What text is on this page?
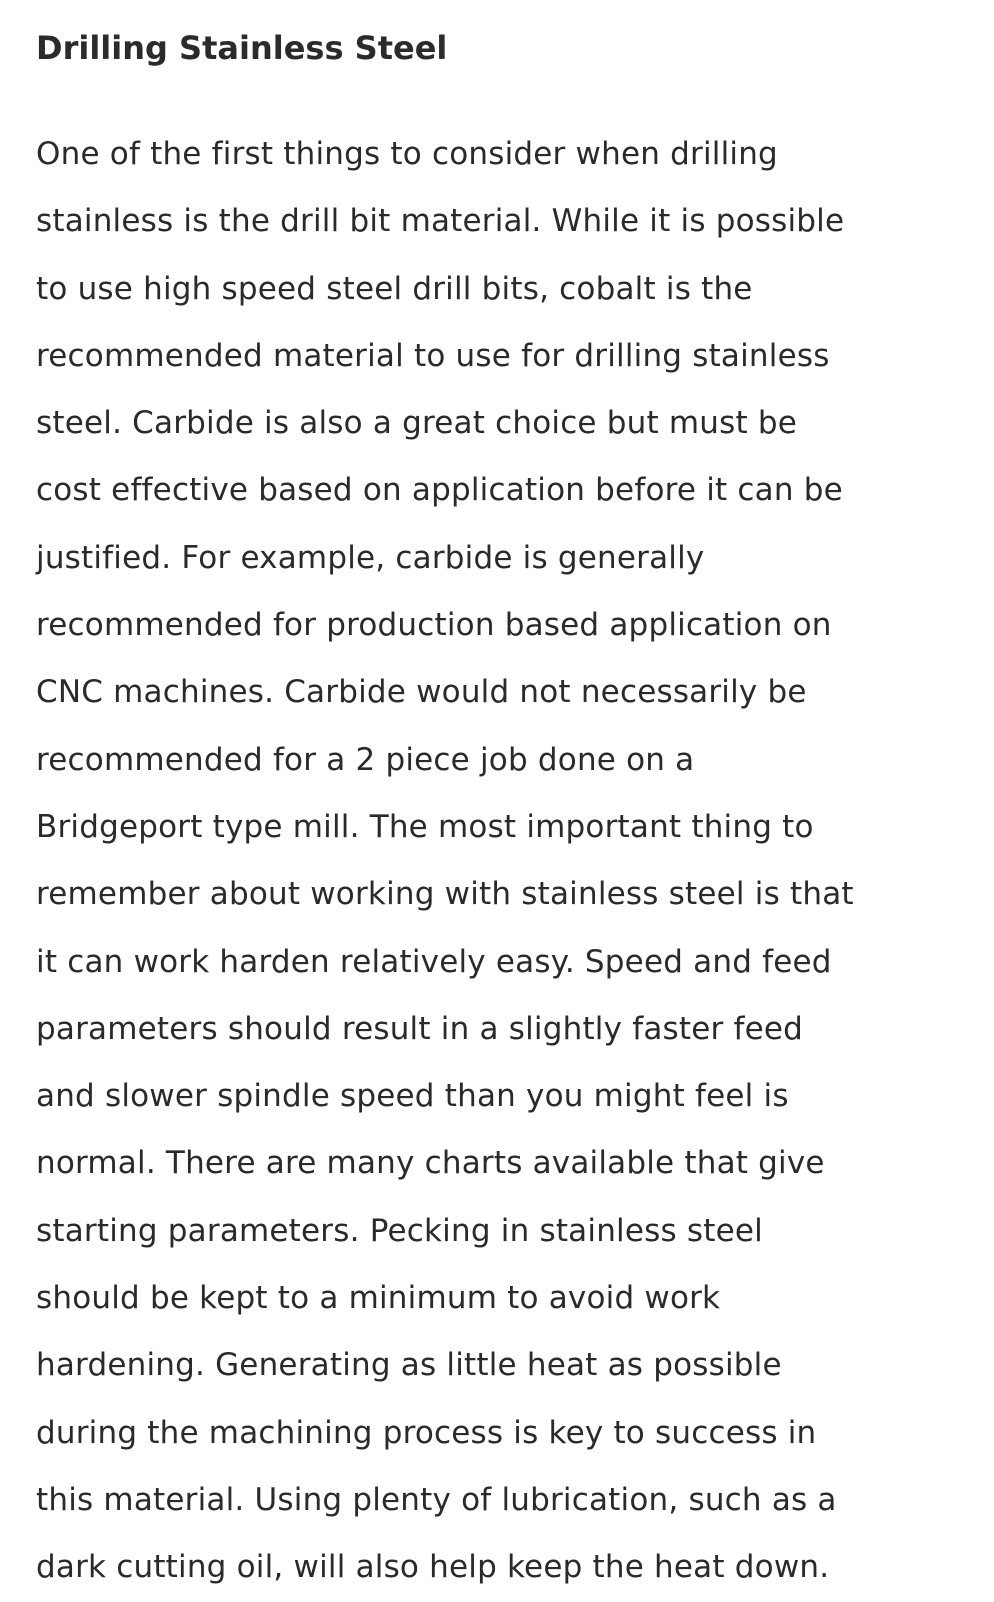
Drilling Stainless Steel
One of the first things to consider when drilling
stainless is the drill bit material. While it is possible
to use high speed steel drill bits, cobalt is the
recommended material to use for drilling stainless
steel. Carbide is also a great choice but must be
cost effective based on application before it can be
justified. For example, carbide is generally
recommended for production based application on
CNC machines. Carbide would not necessarily be
recommended for a 2 piece job done on a
Bridgeport type mill. The most important thing to
remember about working with stainless steel is that
it can work harden relatively easy. Speed and feed
parameters should result in a slightly faster feed
and slower spindle speed than you might feel is
normal. There are many charts available that give
starting parameters. Pecking in stainless steel
should be kept to a minimum to avoid work
hardening. Generating as little heat as possible
during the machining process is key to success in
this material. Using plenty of lubrication, such as a
dark cutting oil, will also help keep the heat down.
